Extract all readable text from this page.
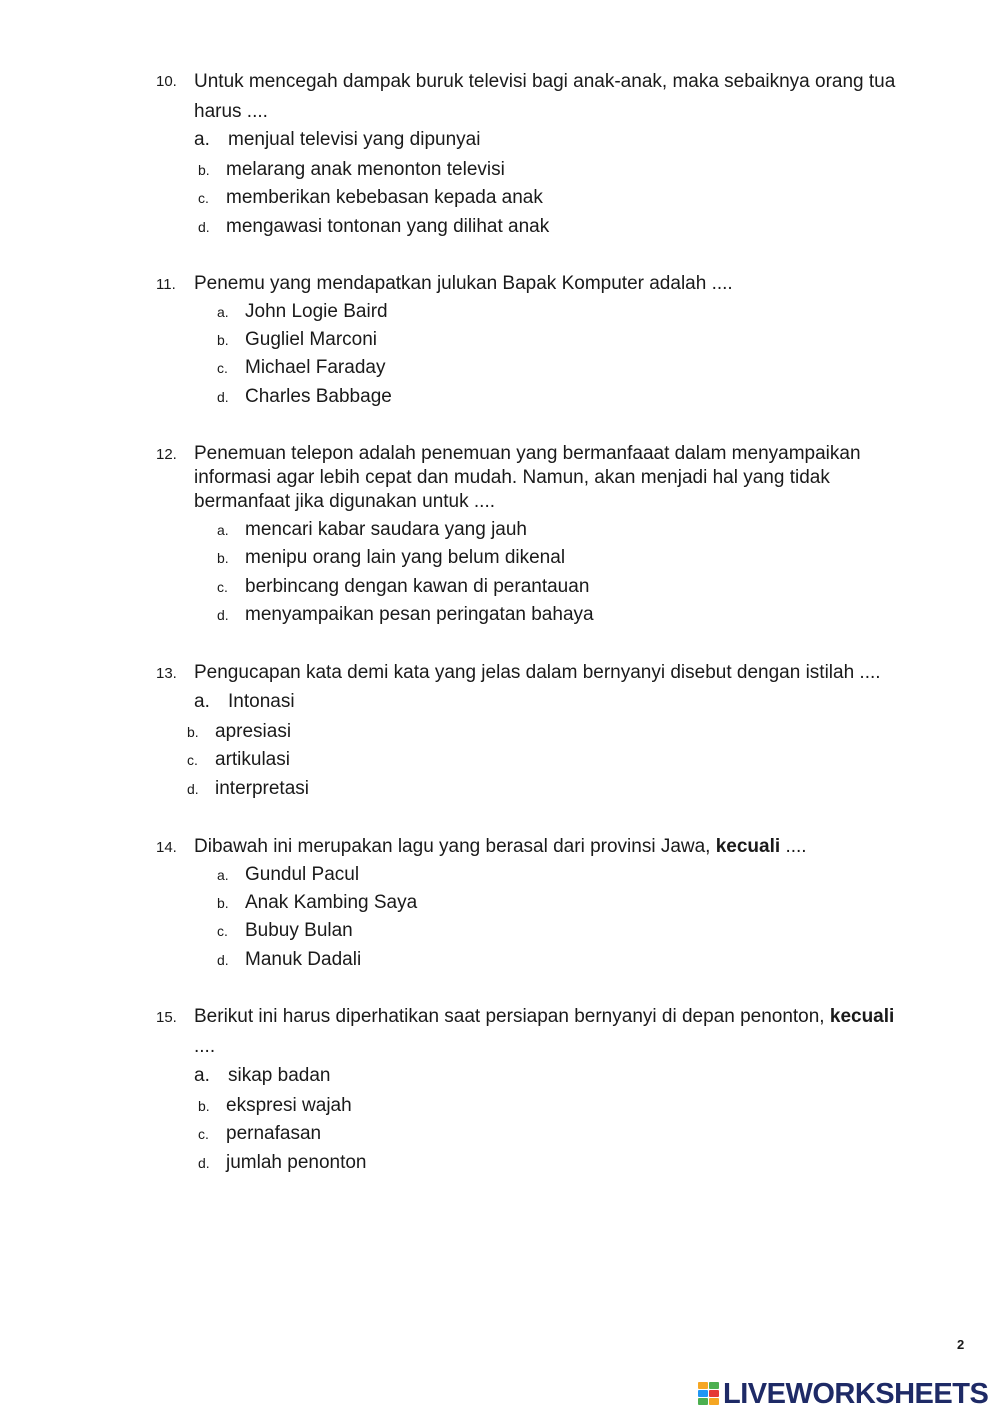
10. Untuk mencegah dampak buruk televisi bagi anak-anak, maka sebaiknya orang tua
harus ....
a. menjual televisi yang dipunyai
b. melarang anak menonton televisi
c. memberikan kebebasan kepada anak
d. mengawasi tontonan yang dilihat anak
11. Penemu yang mendapatkan julukan Bapak Komputer adalah ....
a. John Logie Baird
b. Gugliel Marconi
c. Michael Faraday
d. Charles Babbage
12. Penemuan telepon adalah penemuan yang bermanfaaat dalam menyampaikan
informasi agar lebih cepat dan mudah. Namun, akan menjadi hal yang tidak
bermanfaat jika digunakan untuk ....
a. mencari kabar saudara yang jauh
b. menipu orang lain yang belum dikenal
c. berbincang dengan kawan di perantauan
d. menyampaikan pesan peringatan bahaya
13. Pengucapan kata demi kata yang jelas dalam bernyanyi disebut dengan istilah ....
a. Intonasi
b. apresiasi
c. artikulasi
d. interpretasi
14. Dibawah ini merupakan lagu yang berasal dari provinsi Jawa, kecuali ....
a. Gundul Pacul
b. Anak Kambing Saya
c. Bubuy Bulan
d. Manuk Dadali
15. Berikut ini harus diperhatikan saat persiapan bernyanyi di depan penonton, kecuali
....
a. sikap badan
b. ekspresi wajah
c. pernafasan
d. jumlah penonton
2
LIVEWORKSHEETS
